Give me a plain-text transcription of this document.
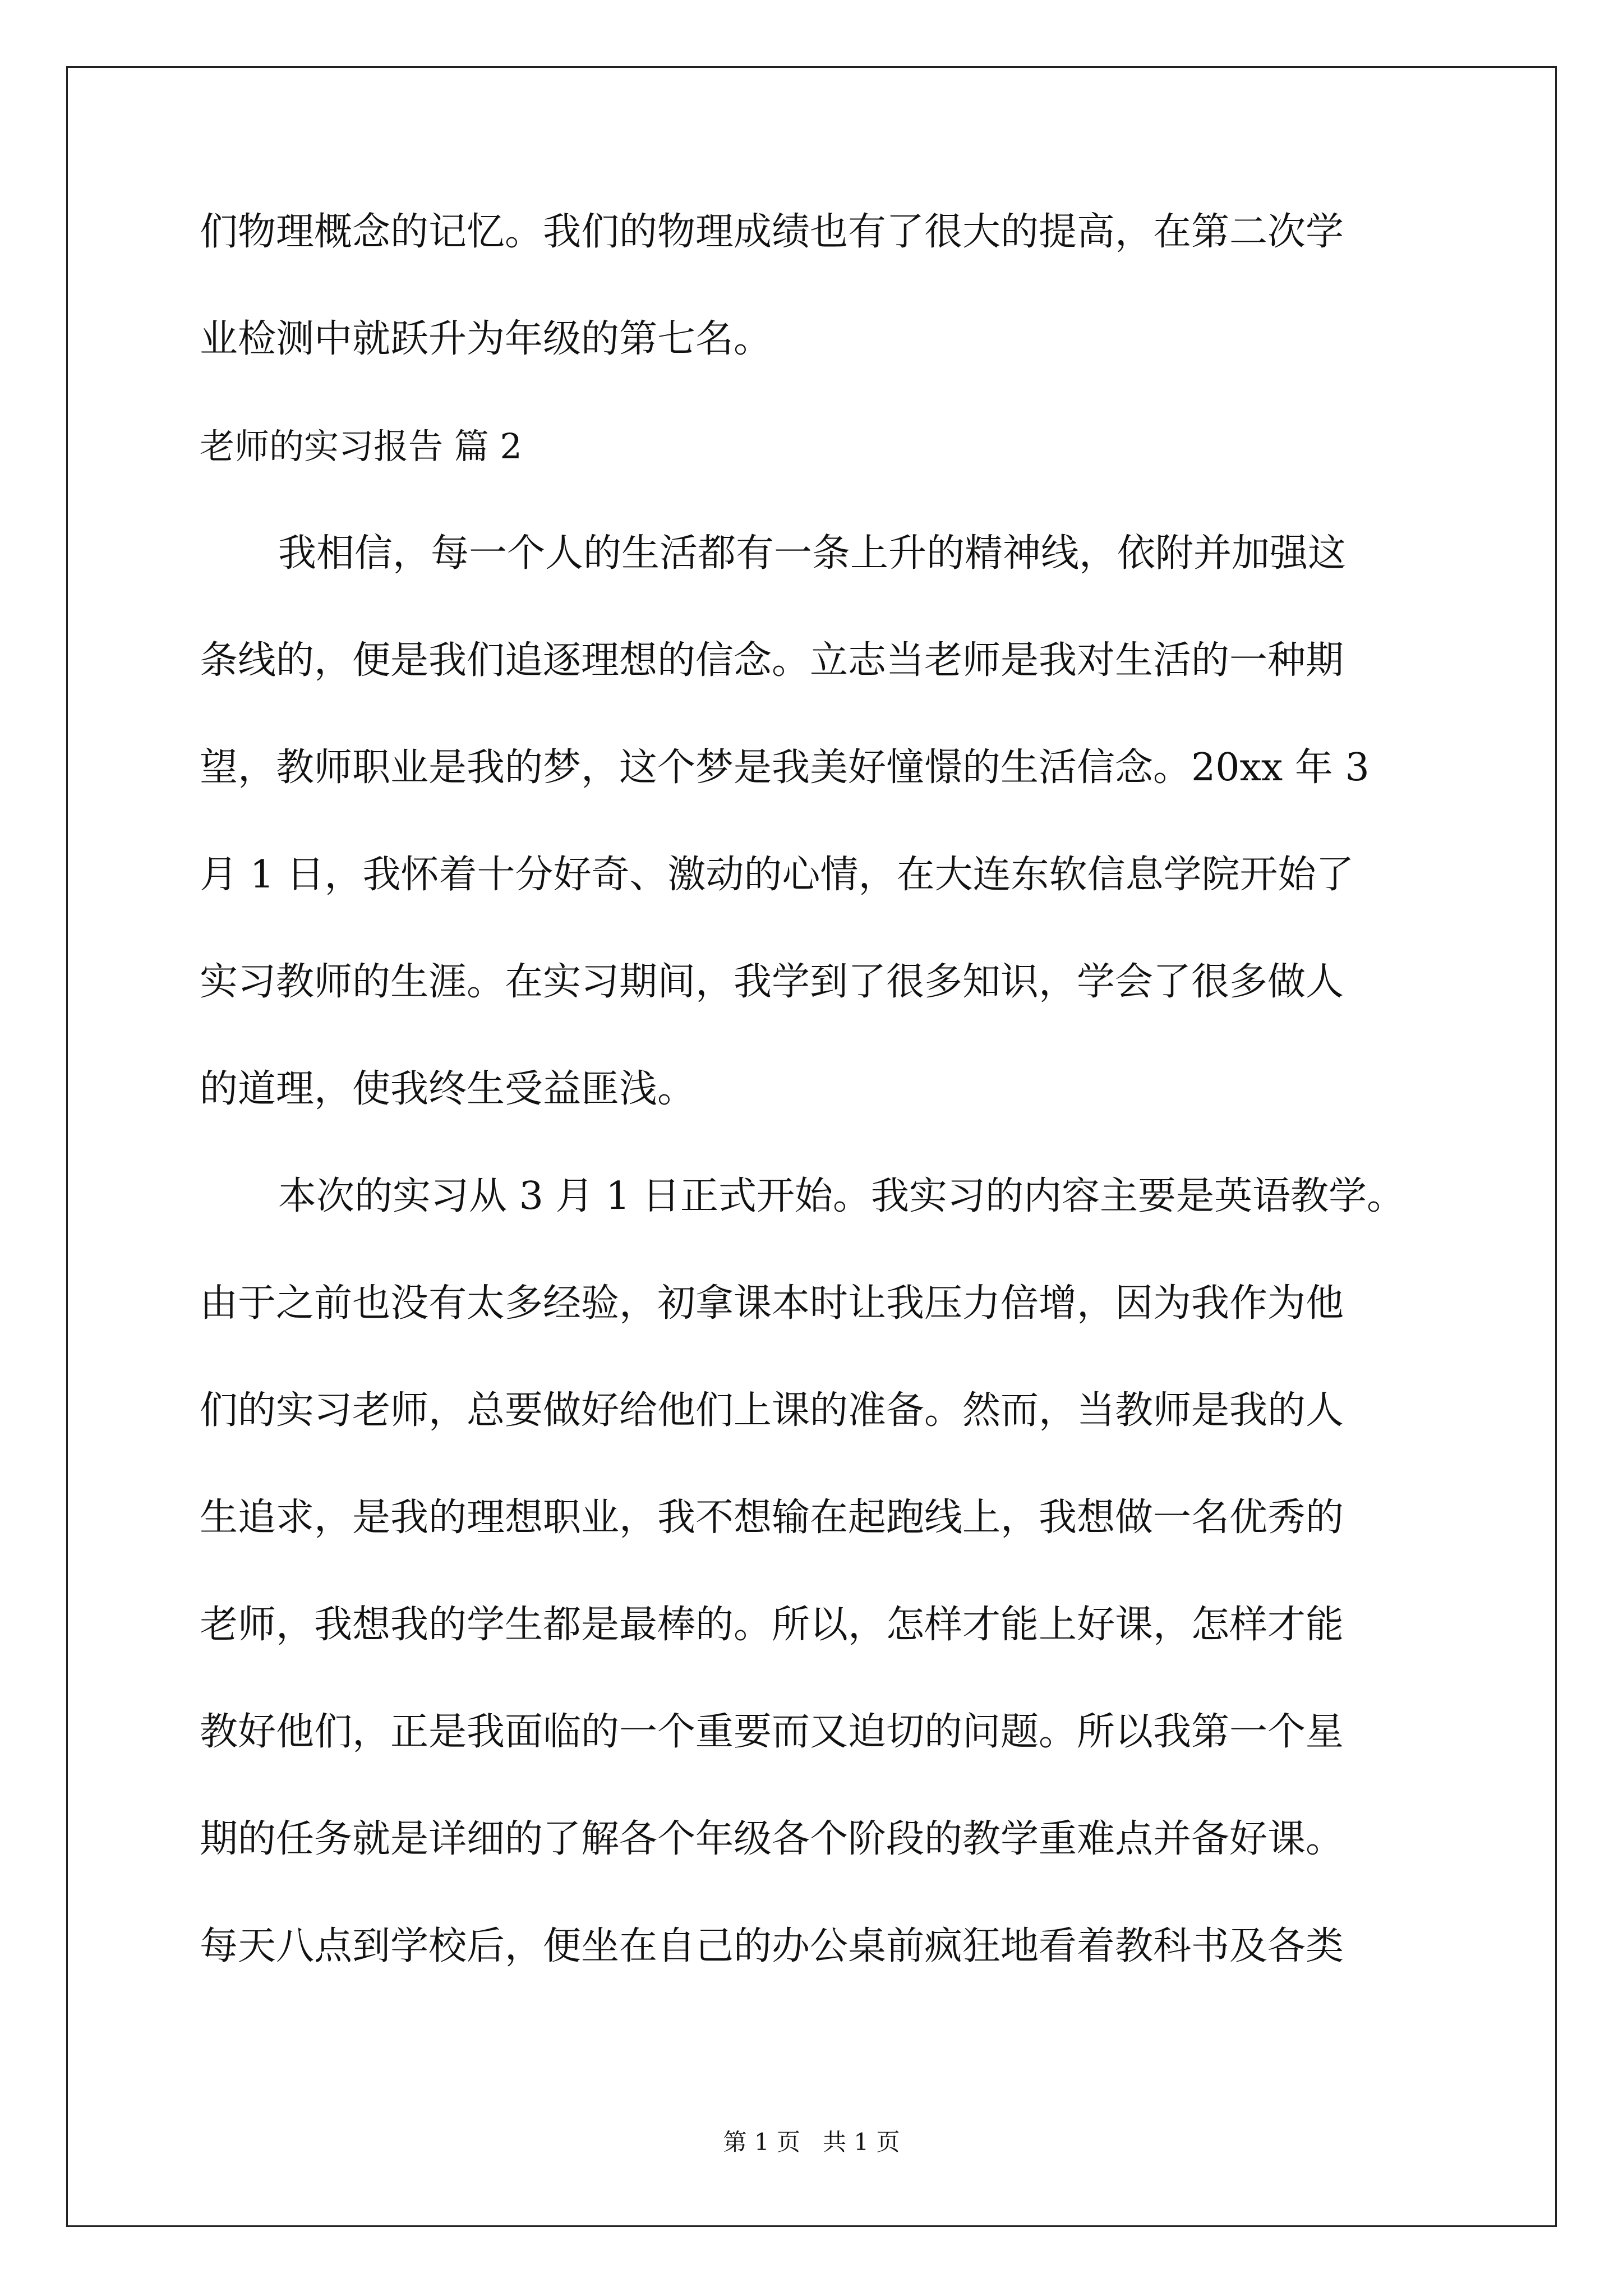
们物理概念的记忆。我们的物理成绩也有了很大的提高，在第二次学

业检测中就跃升为年级的第七名。

老师的实习报告 篇 2

我相信，每一个人的生活都有一条上升的精神线，依附并加强这

条线的，便是我们追逐理想的信念。立志当老师是我对生活的一种期

望，教师职业是我的梦，这个梦是我美好憧憬的生活信念。20xx 年 3

月 1 日，我怀着十分好奇、激动的心情，在大连东软信息学院开始了

实习教师的生涯。在实习期间，我学到了很多知识，学会了很多做人

的道理，使我终生受益匪浅。

本次的实习从 3 月 1 日正式开始。我实习的内容主要是英语教学。

由于之前也没有太多经验，初拿课本时让我压力倍增，因为我作为他

们的实习老师，总要做好给他们上课的准备。然而，当教师是我的人

生追求，是我的理想职业，我不想输在起跑线上，我想做一名优秀的

老师，我想我的学生都是最棒的。所以，怎样才能上好课，怎样才能

教好他们，正是我面临的一个重要而又迫切的问题。所以我第一个星

期的任务就是详细的了解各个年级各个阶段的教学重难点并备好课。

每天八点到学校后，便坐在自己的办公桌前疯狂地看着教科书及各类

第 1 页   共 1 页
